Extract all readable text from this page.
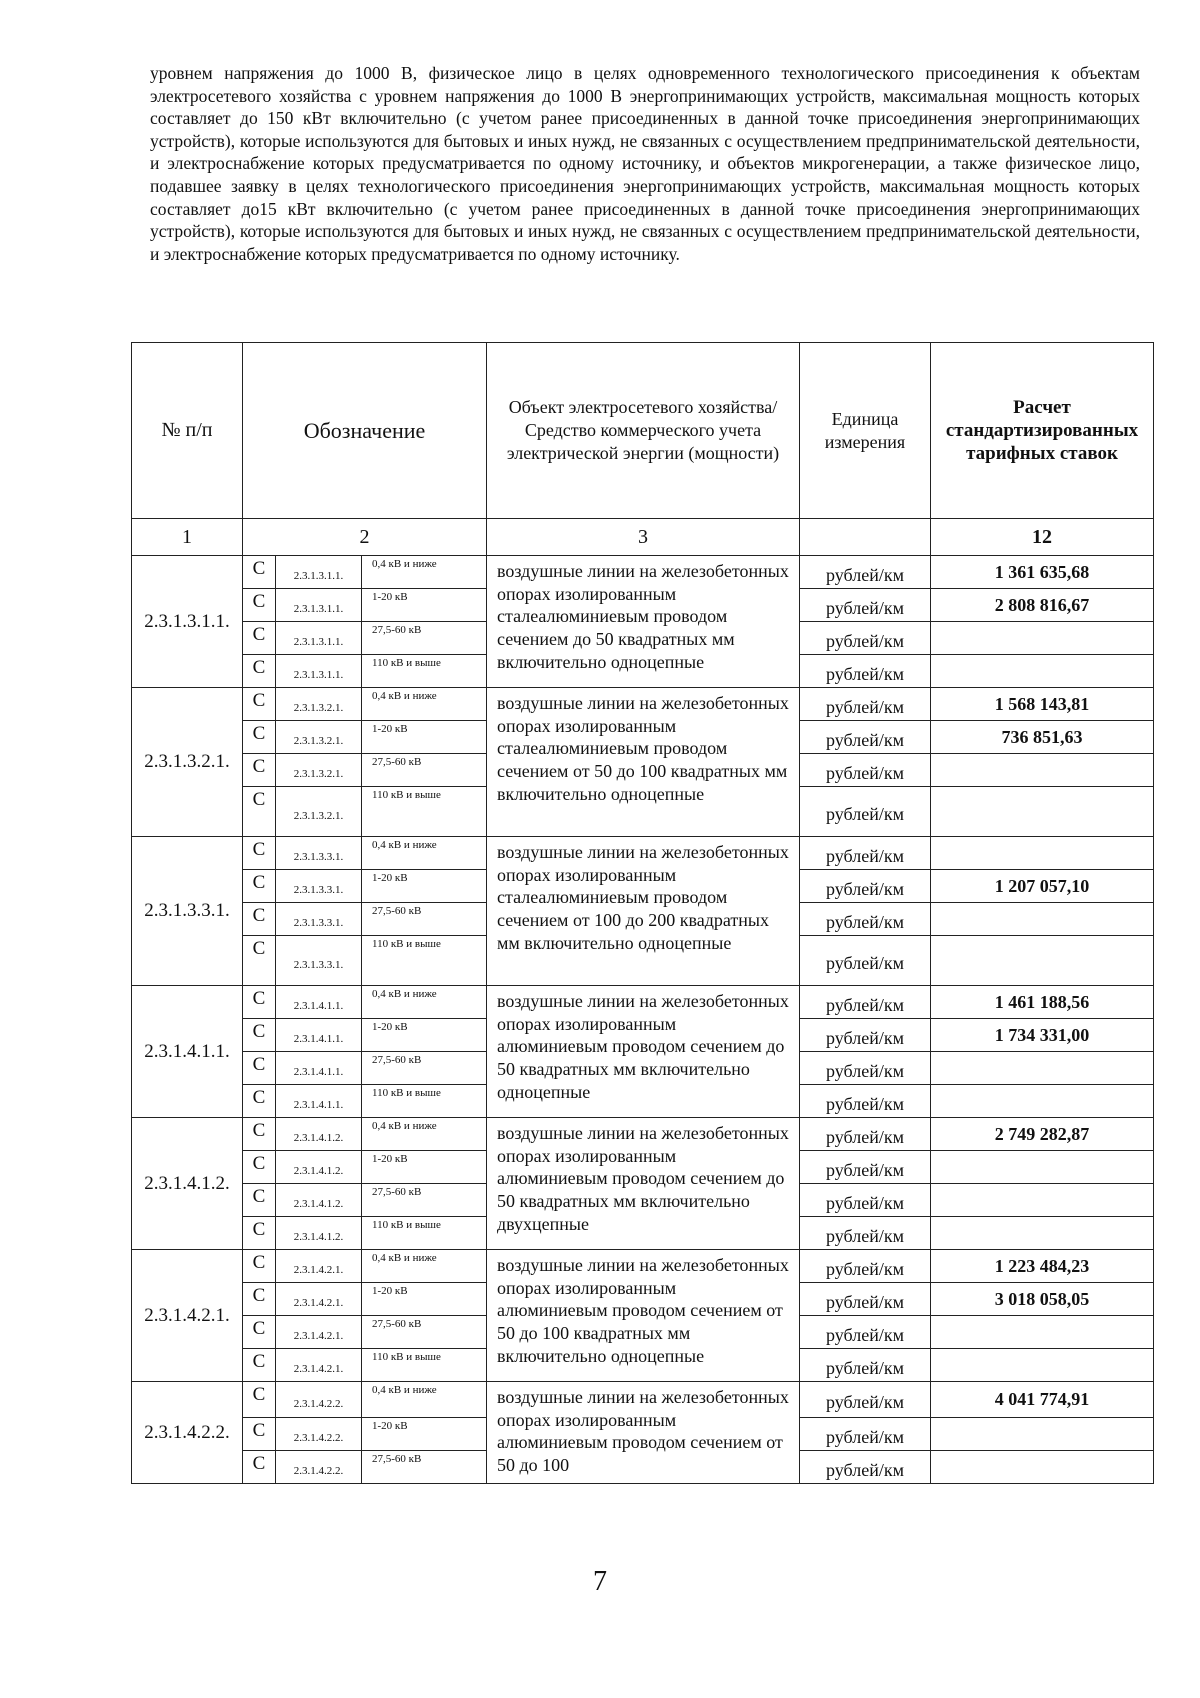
уровнем напряжения до 1000 В, физическое лицо в целях одновременного технологического присоединения к объектам электросетевого хозяйства с уровнем напряжения до 1000 В энергопринимающих устройств, максимальная мощность которых составляет до 150 кВт включительно (с учетом ранее присоединенных в данной точке присоединения энергопринимающих устройств), которые используются для бытовых и иных нужд, не связанных с осуществлением предпринимательской деятельности, и электроснабжение которых предусматривается по одному источнику, и объектов микрогенерации, а также физическое лицо, подавшее заявку в целях технологического присоединения энергопринимающих устройств, максимальная мощность которых составляет до15 кВт включительно (с учетом ранее присоединенных в данной точке присоединения энергопринимающих устройств), которые используются для бытовых и иных нужд, не связанных с осуществлением предпринимательской деятельности, и электроснабжение которых предусматривается по одному источнику.
№ п/п	Обозначение			Объект электросетевого хозяйства/ Средство коммерческого учета электрической энергии (мощности)	Единица измерения	Расчет стандартизированных тарифных ставок
1	2			3		12
2.3.1.3.1.1.	С	2.3.1.3.1.1.	0,4 кВ и ниже	воздушные линии на железобетонных опорах изолированным сталеалюминиевым проводом сечением до 50 квадратных мм включительно одноцепные	рублей/км	1 361 635,68
	С	2.3.1.3.1.1.	1-20 кВ		рублей/км	2 808 816,67
	С	2.3.1.3.1.1.	27,5-60 кВ		рублей/км	
	С	2.3.1.3.1.1.	110 кВ и выше		рублей/км	
2.3.1.3.2.1.	С	2.3.1.3.2.1.	0,4 кВ и ниже	воздушные линии на железобетонных опорах изолированным сталеалюминиевым проводом сечением от 50 до 100 квадратных мм включительно одноцепные	рублей/км	1 568 143,81
	С	2.3.1.3.2.1.	1-20 кВ		рублей/км	736 851,63
	С	2.3.1.3.2.1.	27,5-60 кВ		рублей/км	
	С	2.3.1.3.2.1.	110 кВ и выше		рублей/км	
2.3.1.3.3.1.	С	2.3.1.3.3.1.	0,4 кВ и ниже	воздушные линии на железобетонных опорах изолированным сталеалюминиевым проводом сечением от 100 до 200 квадратных мм включительно одноцепные	рублей/км	
	С	2.3.1.3.3.1.	1-20 кВ		рублей/км	1 207 057,10
	С	2.3.1.3.3.1.	27,5-60 кВ		рублей/км	
	С	2.3.1.3.3.1.	110 кВ и выше		рублей/км	
2.3.1.4.1.1.	С	2.3.1.4.1.1.	0,4 кВ и ниже	воздушные линии на железобетонных опорах изолированным алюминиевым проводом сечением до 50 квадратных мм включительно одноцепные	рублей/км	1 461 188,56
	С	2.3.1.4.1.1.	1-20 кВ		рублей/км	1 734 331,00
	С	2.3.1.4.1.1.	27,5-60 кВ		рублей/км	
	С	2.3.1.4.1.1.	110 кВ и выше		рублей/км	
2.3.1.4.1.2.	С	2.3.1.4.1.2.	0,4 кВ и ниже	воздушные линии на железобетонных опорах изолированным алюминиевым проводом сечением до 50 квадратных мм включительно двухцепные	рублей/км	2 749 282,87
	С	2.3.1.4.1.2.	1-20 кВ		рублей/км	
	С	2.3.1.4.1.2.	27,5-60 кВ		рублей/км	
	С	2.3.1.4.1.2.	110 кВ и выше		рублей/км	
2.3.1.4.2.1.	С	2.3.1.4.2.1.	0,4 кВ и ниже	воздушные линии на железобетонных опорах изолированным алюминиевым проводом сечением от 50 до 100 квадратных мм включительно одноцепные	рублей/км	1 223 484,23
	С	2.3.1.4.2.1.	1-20 кВ		рублей/км	3 018 058,05
	С	2.3.1.4.2.1.	27,5-60 кВ		рублей/км	
	С	2.3.1.4.2.1.	110 кВ и выше		рублей/км	
2.3.1.4.2.2.	С	2.3.1.4.2.2.	0,4 кВ и ниже	воздушные линии на железобетонных опорах изолированным алюминиевым проводом сечением от 50 до 100	рублей/км	4 041 774,91
	С	2.3.1.4.2.2.	1-20 кВ		рублей/км	
	С	2.3.1.4.2.2.	27,5-60 кВ		рублей/км	
7
